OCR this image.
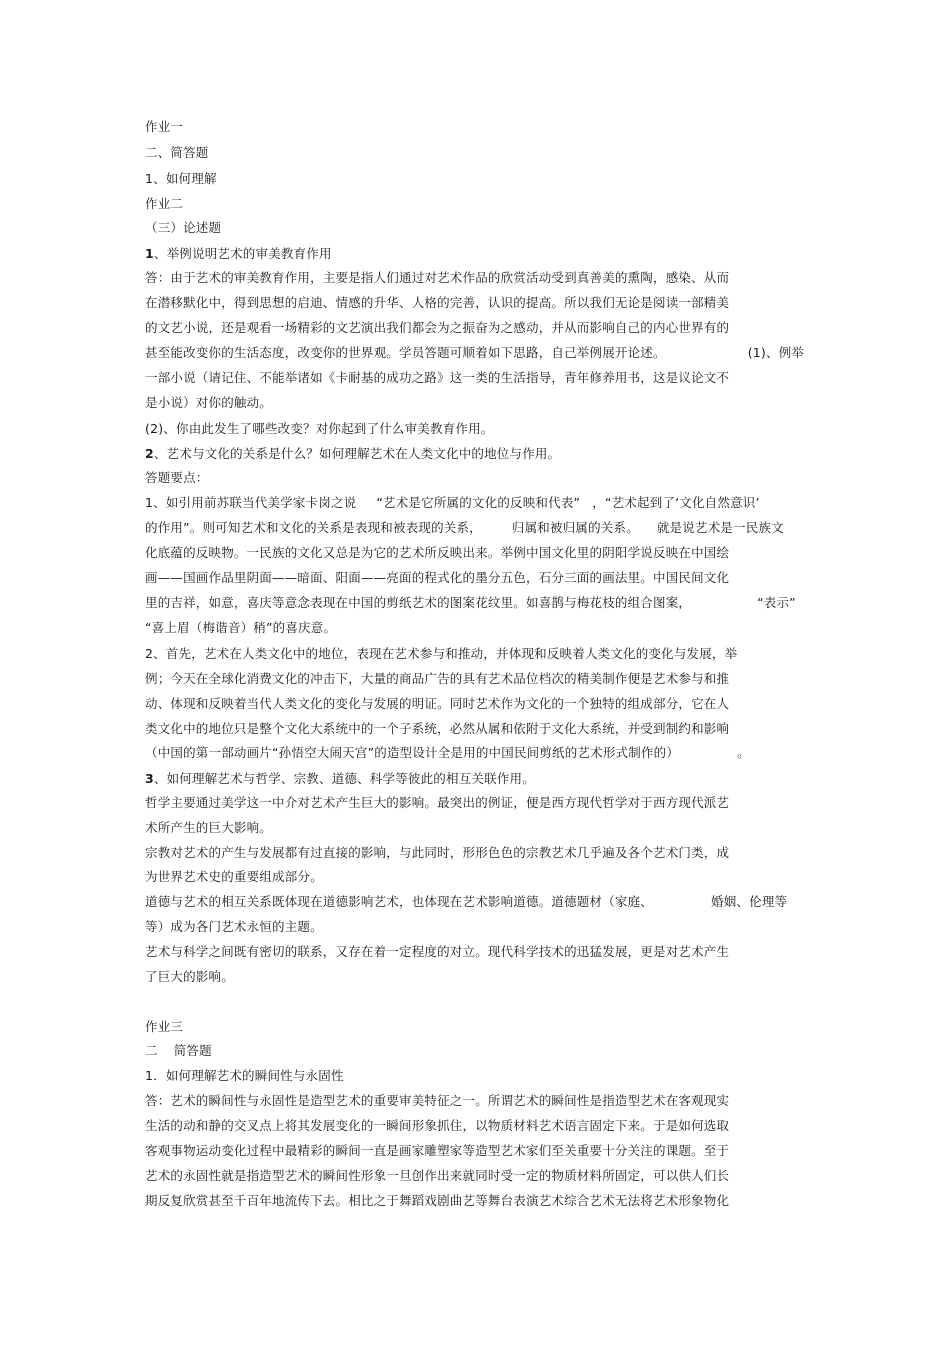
作业一
二、简答题
1、如何理解
作业二
（三）论述题
1、举例说明艺术的审美教育作用
答：由于艺术的审美教育作用，主要是指人们通过对艺术作品的欣赏活动受到真善美的熏陶，感染、从而
在潜移默化中，得到思想的启迪、情感的升华、人格的完善，认识的提高。所以我们无论是阅读一部精美
的文艺小说，还是观看一场精彩的文艺演出我们都会为之振奋为之感动，并从而影响自己的内心世界有的
甚至能改变你的生活态度，改变你的世界观。学员答题可顺着如下思路，自己举例展开论述。	(1)、例举
一部小说（请记住、不能举诸如《卡耐基的成功之路》这一类的生活指导，青年修养用书，这是议论文不
是小说）对你的触动。
(2)、你由此发生了哪些改变？对你起到了什么审美教育作用。
2、艺术与文化的关系是什么？如何理解艺术在人类文化中的地位与作用。
答题要点：
1、如引用前苏联当代美学家卡岗之说 “艺术是它所属的文化的反映和代表” ，“艺术起到了‘文化自然意识’
的作用”。则可知艺术和文化的关系是表现和被表现的关系， 归属和被归属的关系。 就是说艺术是一民族文
化底蕴的反映物。一民族的文化又总是为它的艺术所反映出来。举例中国文化里的阴阳学说反映在中国绘
画——国画作品里阴面——暗面、阳面——亮面的程式化的墨分五色，石分三面的画法里。中国民间文化
里的吉祥，如意，喜庆等意念表现在中国的剪纸艺术的图案花纹里。如喜鹊与梅花枝的组合图案，	“表示”
“喜上眉（梅谐音）稍”的喜庆意。
2、首先，艺术在人类文化中的地位，表现在艺术参与和推动，并体现和反映着人类文化的变化与发展，举
例；今天在全球化消费文化的冲击下，大量的商品广告的具有艺术品位档次的精美制作便是艺术参与和推
动、体现和反映着当代人类文化的变化与发展的明证。同时艺术作为文化的一个独特的组成部分，它在人
类文化中的地位只是整个文化大系统中的一个子系统，必然从属和依附于文化大系统，并受到制约和影响
（中国的第一部动画片“孙悟空大闹天宫”的造型设计全是用的中国民间剪纸的艺术形式制作的）	。
3、如何理解艺术与哲学、宗教、道德、科学等彼此的相互关联作用。
哲学主要通过美学这一中介对艺术产生巨大的影响。最突出的例证，便是西方现代哲学对于西方现代派艺
术所产生的巨大影响。
宗教对艺术的产生与发展都有过直接的影响，与此同时，形形色色的宗教艺术几乎遍及各个艺术门类，成
为世界艺术史的重要组成部分。
道德与艺术的相互关系既体现在道德影响艺术，也体现在艺术影响道德。道德题材（家庭、	婚姻、伦理等
等）成为各门艺术永恒的主题。
艺术与科学之间既有密切的联系，又存在着一定程度的对立。现代科学技术的迅猛发展，更是对艺术产生
了巨大的影响。
作业三
二 简答题
1．如何理解艺术的瞬间性与永固性
答：艺术的瞬间性与永固性是造型艺术的重要审美特征之一。所谓艺术的瞬间性是指造型艺术在客观现实
生活的动和静的交叉点上将其发展变化的一瞬间形象抓住，以物质材料艺术语言固定下来。于是如何选取
客观事物运动变化过程中最精彩的瞬间一直是画家雕塑家等造型艺术家们至关重要十分关注的课题。至于
艺术的永固性就是指造型艺术的瞬间性形象一旦创作出来就同时受一定的物质材料所固定，可以供人们长
期反复欣赏甚至千百年地流传下去。相比之于舞蹈戏剧曲艺等舞台表演艺术综合艺术无法将艺术形象物化
